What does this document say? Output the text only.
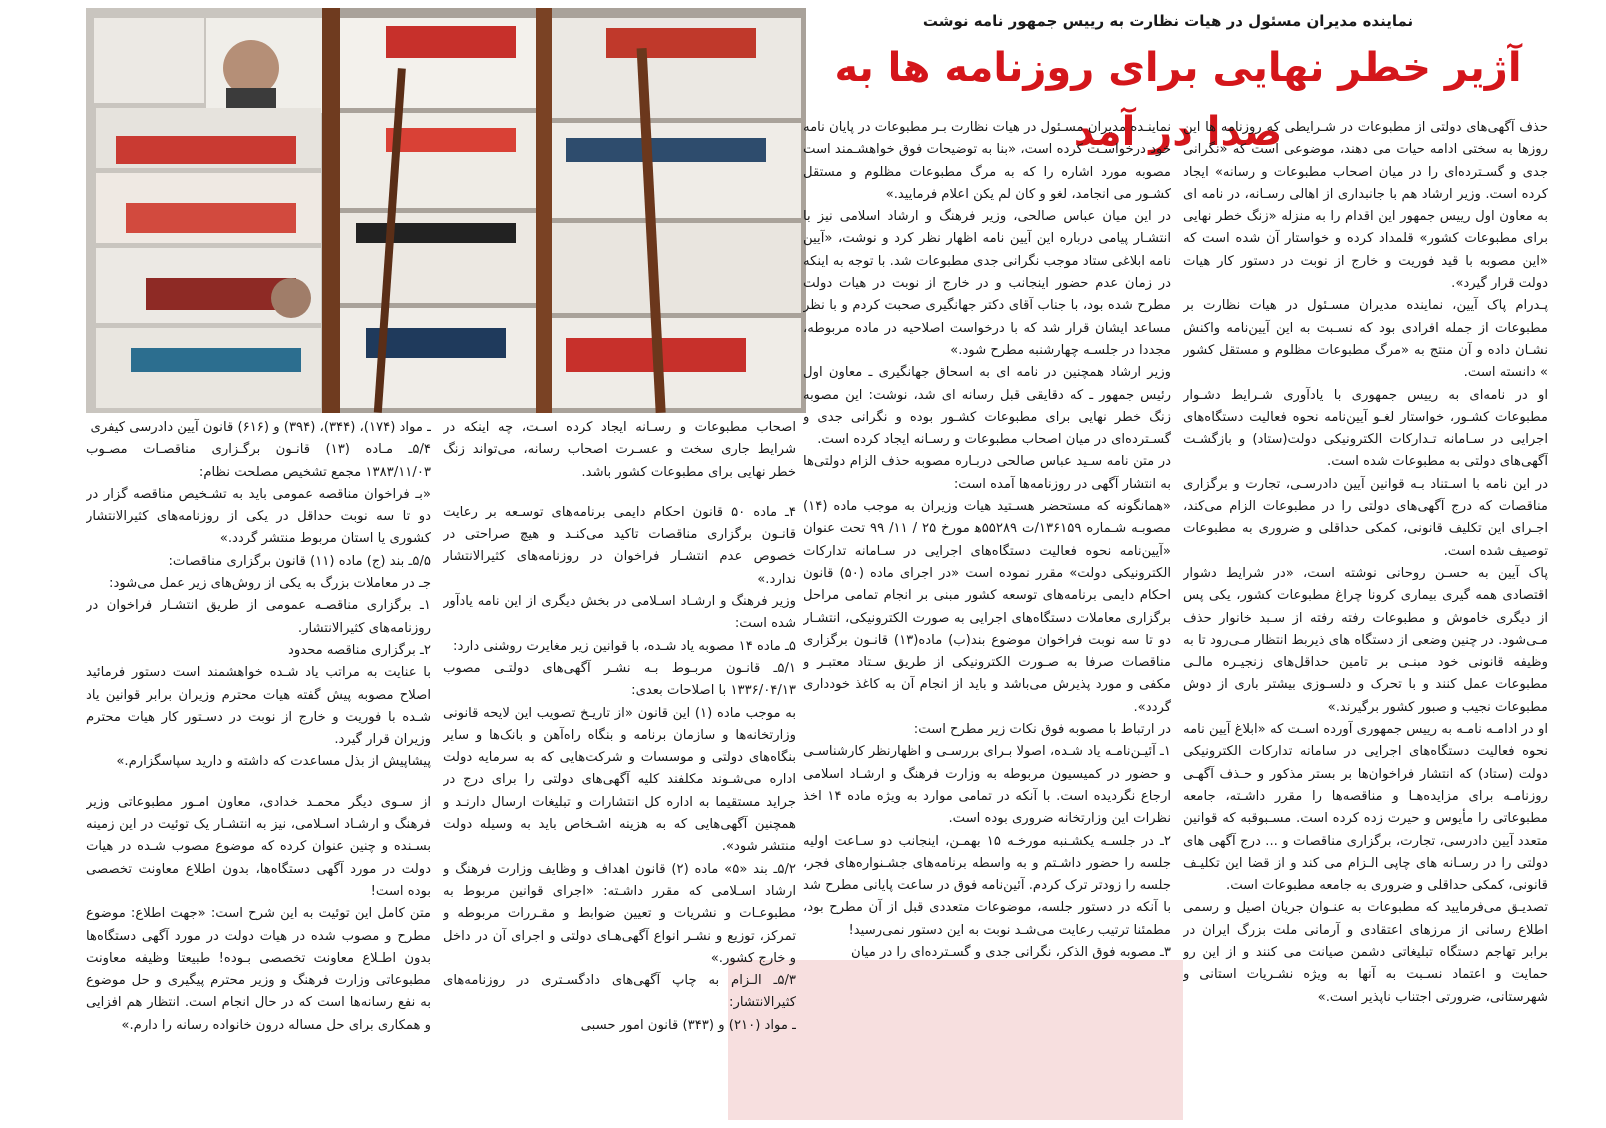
نماینده مدیران مسئول در هیات نظارت به رییس جمهور نامه نوشت
آژیر خطر نهایی برای روزنامه ها به صدا در آمد

حذف آگهی‌های دولتی از مطبوعات در شـرایطی که روزنامه ها این روزها به سختی ادامه حیات می دهند، موضوعی است که «نگرانی جدی و گسـترده‌ای را در میان اصحاب مطبوعات و رسانه» ایجاد کرده است. وزیر ارشاد هم با جانبداری از اهالی رسـانه، در نامه ای به معاون اول رییس جمهور این اقدام را به منزله «زنگ خطر نهایی برای مطبوعات کشور» قلمداد کرده و خواستار آن شده است که «این مصوبه با قید فوریت و خارج از نوبت در دستور کار هیات دولت قرار گیرد».

پـدرام پاک آیین، نماینده مدیران مسـئول در هیات نظارت بر مطبوعات از جمله افرادی بود که نسـبت به این آیین‌نامه واکنش نشـان داده و آن منتج به «مرگ مطبوعات مظلوم و مستقل کشور » دانسته است.

او در نامه‌ای به رییس جمهوری با یادآوری شـرایط دشـوار مطبوعات کشـور، خواستار لغـو آیین‌نامه نحوه فعالیت دستگاه‌های اجرایی در سـامانه تـدارکات الکترونیکی دولت(ستاد) و بازگشـت آگهی‌های دولتی به مطبوعات شده است.

در این نامه با اسـتناد بـه قوانین آیین دادرسـی، تجارت و برگزاری مناقصات که درج آگهی‌های دولتی را در مطبوعات الزام می‌کند، اجـرای این تکلیف قانونی، کمکی حداقلی و ضروری به مطبوعات توصیف شده است.

پاک آیین به حسـن روحانی نوشته است، «در شرایط دشوار اقتصادی همه گیری بیماری کرونا چراغ مطبوعات کشور، یکی پس از دیگری خاموش و مطبوعات رفته رفته از سـبد خانوار حذف مـی‌شود. در چنین وضعی از دستگاه های ذیربط انتظار مـی‌رود تا به وظیفه قانونی خود مبنـی بر تامین حداقل‌های زنجیـره مالـی مطبوعات عمل کنند و با تحرک و دلسـوزی بیشتر باری از دوش مطبوعات نجیب و صبور کشور برگیرند.»

او در ادامـه نامـه به رییس جمهوری آورده اسـت که «ابلاغ آیین نامه نحوه فعالیت دستگاه‌های اجرایی در سامانه تدارکات الکترونیکی دولت (ستاد) که انتشار فراخوان‌ها بر بستر مذکور و حـذف آگهـی روزنامـه برای مزایده‌هـا و مناقصه‌ها را مقرر داشـته، جامعه مطبوعاتی را مأیوس و حیرت زده کرده است. مسـبوقبه که قوانین متعدد آیین دادرسی، تجارت، برگزاری مناقصات و ... درج آگهی های دولتی را در رسـانه های چاپی الـزام می کند و از قضا این تکلیـف قانونی، کمکی حداقلی و ضروری به جامعه مطبوعات است.

تصدیـق می‌فرمایید که مطبوعات به عنـوان جریان اصیل و رسمی اطلاع رسانی از مرزهای اعتقادی و آرمانی ملت بزرگ ایران در برابر تهاجم دستگاه تبلیغاتی دشمن صیانت می کنند و از این رو حمایت و اعتماد نسـبت به آنها به ویژه نشـریات استانی و شهرستانی، ضرورتی اجتناب ناپذیر است.»

نماینـده مدیران مسـئول در هیات نظارت بـر مطبوعات در پایان نامه خود درخواسـت کرده است، «بنا به توضیحات فوق خواهشـمند است مصوبه مورد اشاره را که به مرگ مطبوعات مظلوم و مستقل کشـور می انجامد، لغو و کان لم یکن اعلام فرمایید.»

در این میان عباس صالحی، وزیر فرهنگ و ارشاد اسلامی نیز با انتشـار پیامی درباره این آیین نامه اظهار نظر کرد و نوشت، «آیین نامه ابلاغی ستاد موجب نگرانی جدی مطبوعات شد. با توجه به اینکه در زمان عدم حضور اینجانب و در خارج از نوبت در هیات دولت مطرح شده بود، با جناب آقای دکتر جهانگیری صحبت کردم و با نظر مساعد ایشان قرار شد که با درخواست اصلاحیه در ماده مربوطه، مجددا در جلسـه چهارشنبه مطرح شود.»

وزیر ارشاد همچنین در نامه ای به اسحاق جهانگیری ـ معاون اول رئیس جمهور ـ که دقایقی قبل رسانه ای شد، نوشت: این مصوبه زنگ خطر نهایی برای مطبوعات کشـور بوده و نگرانی جدی و گسـترده‌ای در میان اصحاب مطبوعات و رسـانه ایجاد کرده است.

در متن نامه سـید عباس صالحی دربـاره مصوبه حذف الزام دولتی‌ها به انتشار آگهی در روزنامه‌ها آمده است:

«همانگونه که مستحضر هسـتید هیات وزیران به موجب ماده (۱۴) مصوبـه شـماره ۱۳۶۱۵۹/ت ۵۵۲۸۹ه‍ مورخ ۲۵ / ۱۱/ ۹۹ تحت عنوان «آیین‌نامه نحوه فعالیت دستگاه‌های اجرایی در سـامانه تدارکات الکترونیکی دولت» مقرر نموده است «در اجرای ماده (۵۰) قانون احکام دایمی برنامه‌های توسعه کشور مبنی بر انجام تمامی مراحل برگزاری معاملات دستگاه‌های اجرایی به صورت الکترونیکی، انتشـار دو تا سه نوبت فراخوان موضوع بند(ب) ماده(۱۳) قانـون برگزاری مناقصات صرفا به صـورت الکترونیکی از طریق سـتاد معتبـر و مکفی و مورد پذیرش می‌باشد و باید از انجام آن به کاغذ خودداری گردد».

در ارتباط با مصوبه فوق نکات زیر مطرح است:

۱ـ آئیـن‌نامـه یاد شـده، اصولا بـرای بررسـی و اظهارنظر کارشناسـی و حضور در کمیسیون مربوطه به وزارت فرهنگ و ارشـاد اسلامی ارجاع نگردیده است. با آنکه در تمامی موارد به ویژه ماده ۱۴ اخذ نظرات این وزارتخانه ضروری بوده است.

۲ـ در جلسـه یکشـنبه مورخـه ۱۵ بهمـن، اینجانب دو سـاعت اولیه جلسه را حضور داشـتم و به واسطه برنامه‌های جشـنواره‌های فجر، جلسه را زودتر ترک کردم. آئین‌نامه فوق در ساعت پایانی مطرح شد با آنکه در دستور جلسه، موضوعات متعددی قبل از آن مطرح بود، مطمئنا ترتیب رعایت می‌شـد نوبت به این دستور نمی‌رسید!

۳ـ مصوبه فوق الذکر، نگرانی جدی و گسـترده‌ای را در میان

اصحاب مطبوعات و رسـانه ایجاد کرده اسـت، چه اینکه در شرایط جاری سخت و عسـرت اصحاب رسانه، می‌تواند زنگ خطر نهایی برای مطبوعات کشور باشد.

۴ـ ماده ۵۰ قانون احکام دایمی برنامه‌های توسـعه بر رعایت قانـون برگزاری مناقصات تاکید می‌کنـد و هیچ صراحتی در خصوص عدم انتشـار فراخوان در روزنامه‌های کثیرالانتشار ندارد.»

وزیر فرهنگ و ارشـاد اسـلامی در بخش دیگری از این نامه یادآور شده است:

۵ـ ماده ۱۴ مصوبه یاد شـده، با قوانین زیر مغایرت روشنی دارد:

۵/۱ـ قانـون مربـوط بـه نشـر آگهی‌های دولتـی مصوب ۱۳۳۶/۰۴/۱۳ با اصلاحات بعدی:

به موجب ماده (۱) این قانون «از تاریـخ تصویب این لایحه قانونی وزارتخانه‌ها و سازمان برنامه و بنگاه راه‌آهن و بانک‌ها و سایر بنگاه‌های دولتی و موسسات و شرکت‌هایی که به سرمایه دولت اداره می‌شـوند مکلفند کلیه آگهی‌های دولتی را برای درج در جراید مستقیما به اداره کل انتشارات و تبلیغات ارسال دارنـد و همچنین آگهی‌هایی که به هزینه اشـخاص باید به وسیله دولت منتشر شود».

۵/۲ـ بند «۵» ماده (۲) قانون اهداف و وظایف وزارت فرهنگ و ارشاد اسـلامی که مقرر داشـته: «اجرای قوانین مربوط به مطبوعـات و نشریات و تعیین ضوابط و مقـررات مربوطه و تمرکز، توزیع و نشـر انواع آگهی‌هـای دولتی و اجرای آن در داخل و خارج کشور.»

۵/۳ـ الـزام به چاپ آگهی‌های دادگسـتری در روزنامه‌های کثیرالانتشار:

ـ مواد (۲۱۰) و (۳۴۳) قانون امور حسبی

ـ مواد (۱۷۴)، (۳۴۴)، (۳۹۴) و (۶۱۶) قانون آیین دادرسی کیفری

۵/۴ـ مـاده (۱۳) قانـون برگـزاری مناقصـات مصـوب ۱۳۸۳/۱۱/۰۳ مجمع تشخیص مصلحت نظام:

«بـ فراخوان مناقصه عمومی باید به تشـخیص مناقصه گزار در دو تا سه نوبت حداقل در یکی از روزنامه‌های کثیرالانتشار کشوری یا استان مربوط منتشر گردد.»

۵/۵ـ بند (ج) ماده (۱۱) قانون برگزاری مناقصات:

جـ در معاملات بزرگ به یکی از روش‌های زیر عمل می‌شود:

۱ـ برگزاری مناقصـه عمومی از طریق انتشـار فراخوان در روزنامه‌های کثیرالانتشار.

۲ـ برگزاری مناقصه محدود

با عنایت به مراتب یاد شـده خواهشمند است دستور فرمائید اصلاح مصوبه پیش گفته هیات محترم وزیران برابر قوانین یاد شـده با فوریت و خارج از نوبت در دسـتور کار هیات محترم وزیران قرار گیرد.

پیشاپیش از بذل مساعدت که داشته و دارید سپاسگزارم.»

از سـوی دیگر محمـد خدادی، معاون امـور مطبوعاتی وزیر فرهنگ و ارشـاد اسـلامی، نیز به انتشـار یک توئیت در این زمینه بسـنده و چنین عنوان کرده که موضوع مصوب شـده در هیات دولت در مورد آگهی دستگاه‌ها، بدون اطلاع معاونت تخصصی بوده است!

متن کامل این توئیت به این شرح است: «جهت اطلاع: موضوع مطرح و مصوب شده در هیات دولت در مورد آگهی دستگاه‌ها بدون اطـلاع معاونت تخصصی بـوده! طبیعتا وظیفه معاونت مطبوعاتی وزارت فرهنگ و وزیر محترم پیگیری و حل موضوع به نفع رسانه‌ها است که در حال انجام است. انتظار هم افزایی و همکاری برای حل مساله درون خانواده رسانه را دارم.»
